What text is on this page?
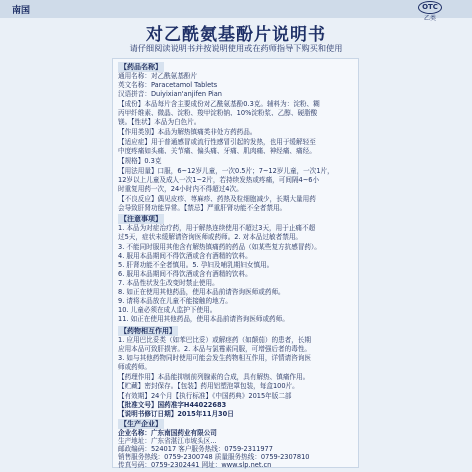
南国	OTC
乙类
对乙酰氨基酚片说明书
请仔细阅读说明书并按说明使用或在药师指导下购买和使用
【药品名称】
通用名称：对乙酰氨基酚片
英文名称：Paracetamol Tablets
汉语拼音：Duiyixian'anjifen Pian
【成份】本品每片含主要成份对乙酰氨基酚0.3克。辅料为：淀粉、糊
丙甲纤维素、微晶、淀粉、羧甲淀粉钠、10%淀粉浆、乙醇、硬脂酸
镁。【性状】本品为白色片。
【作用类别】本品为解热镇痛类非处方药药品。
【适应症】用于普通感冒或流行性感冒引起的发热，也用于缓解轻至
中度疼痛如头痛、关节痛、偏头痛、牙痛、肌肉痛、神经痛、痛经。
【规格】0.3克
【用法用量】口服，6~12岁儿童，一次0.5片；7~12岁儿童，一次1片，
12岁以上儿童及成人一次1~2片，若持续发热或疼痛，可间隔4~6小
时重复用药一次，24小时内不得超过4次。
【不良反应】偶见皮疹、荨麻疹、药热及粒细胞减少，长期大量用药
会导致肝肾功能异常。【禁忌】严重肝肾功能不全者禁用。
【注意事项】
1. 本品为对症治疗药，用于解热连续使用不超过3天，用于止痛不超
过5天，症状未缓解请咨询医师或药师。2. 对本品过敏者禁用。
3. 不能同时服用其他含有解热镇痛药的药品（如某些复方抗感冒药）。
4. 服用本品期间不得饮酒或含有酒精的饮料。
5. 肝肾功能不全者慎用。5. 孕妇及哺乳期妇女慎用。
6. 服用本品期间不得饮酒或含有酒精的饮料。
7. 本品性状发生改变时禁止使用。
8. 如正在使用其他药品，使用本品前请咨询医师或药师。
9. 请将本品放在儿童不能接触的地方。
10. 儿童必须在成人监护下使用。
11. 如正在使用其他药品，使用本品前请咨询医师或药师。
【药物相互作用】
1. 应用巴比妥类（如苯巴比妥）或解痉药（如颠茄）的患者，长期
应用本品可致肝损害。2. 本品与氯霉素同服，可增强后者的毒性。
3. 如与其他药物同时使用可能会发生药物相互作用，详情请咨询医
师或药师。
【药理作用】本品能抑制前列腺素的合成，具有解热、镇痛作用。
【贮藏】密封保存。【包装】药用铝塑泡罩包装，每盒100片。
【有效期】24个月【执行标准】《中国药典》2015年版二部
【批准文号】国药准字H44022683
【说明书修订日期】2015年11月30日
【生产企业】
企业名称：广东南国药业有限公司
生产地址：广东省湛江市坡头区...
邮政编码：524017 客户服务热线：0759-2311977
销售服务热线：0759-2300748 质量服务热线：0759-2307810
传真号码：0759-2302441 网址：www.slp.net.cn
